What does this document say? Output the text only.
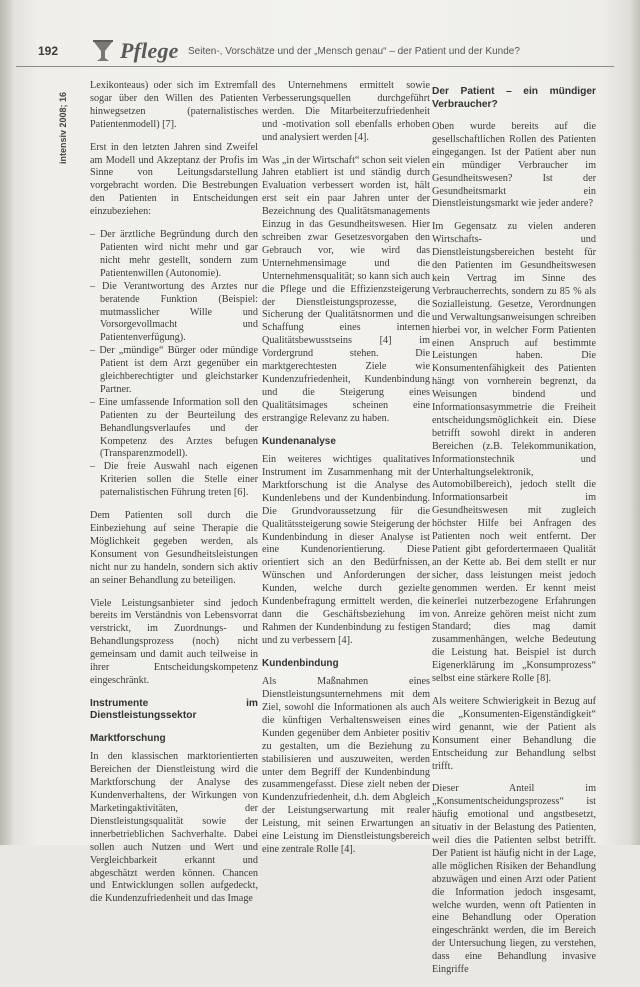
192	Pflege Seiten-, Vorschätze und der „Mensch genau“ – der Patient und der Kunde?
intensiv 2008; 16

Lexikonteaus) oder sich im Extremfall sogar über den Willen des Patienten hinwegsetzen (paternalistisches Patientenmodell) [7].

Erst in den letzten Jahren sind Zweifel am Modell und Akzeptanz der Profis im Sinne von Leitungsdarstellung vorgebracht worden. Die Bestrebungen den Patienten in Entscheidungen einzubeziehen:

– Der ärztliche Begründung durch den Patienten wird nicht mehr und gar nicht mehr gestellt, sondern zum Patientenwillen (Autonomie).
– Die Verantwortung des Arztes nur beratende Funktion (Beispiel: mutmasslicher Wille und Vorsorgevollmacht und Patientenverfügung).
– Der „mündige“ Bürger oder mündige Patient ist dem Arzt gegenüber ein gleichberechtigter und gleichstarker Partner.
– Eine umfassende Information soll den Patienten zu der Beurteilung des Behandlungsverlaufes und der Kompetenz des Arztes befugen (Transparenzmodell).
– Die freie Auswahl nach eigenen Kriterien sollen die Stelle einer paternalistischen Führung treten [6].

Dem Patienten soll durch die Einbeziehung auf seine Therapie die Möglichkeit gegeben werden, als Konsument von Gesundheitsleistungen nicht nur zu handeln, sondern sich aktiv an seiner Behandlung zu beteiligen.

Viele Leistungsanbieter sind jedoch bereits im Verständnis von Lebensvorrat verstrickt, im Zuordnungs- und Behandlungsprozess (noch) nicht gemeinsam und damit auch teilweise in ihrer Entscheidungskompetenz eingeschränkt.

Instrumente im Dienstleistungssektor
Marktforschung

In den klassischen marktorientierten Bereichen der Dienstleistung wird die Marktforschung der Analyse des Kundenverhaltens, der Wirkungen von Marketingaktivitäten, der Dienstleistungsqualität sowie der innerbetrieblichen Sachverhalte. Dabei sollen auch Nutzen und Wert und Vergleichbarkeit erkannt und abgeschätzt werden können. Chancen und Entwicklungen sollen aufgedeckt, die Kundenzufriedenheit und das Image

des Unternehmens ermittelt sowie Verbesserungsquellen durchgeführt werden. Die Mitarbeiterzufriedenheit und -motivation soll ebenfalls erhoben und analysiert werden [4].

Was „in der Wirtschaft“ schon seit vielen Jahren etabliert ist und ständig durch Evaluation verbessert worden ist, hält erst seit ein paar Jahren unter der Bezeichnung des Qualitätsmanagements Einzug in das Gesundheitswesen. Hier schreiben zwar Gesetzesvorgaben den Gebrauch vor, wie wird das Unternehmensimage und die Unternehmensqualität; so kann sich auch die Pflege und die Effizienzsteigerung der Dienstleistungsprozesse, die Sicherung der Qualitätsnormen und die Schaffung eines internen Qualitätsbewusstseins [4] im Vordergrund stehen. Die marktgerechtesten Ziele wie Kundenzufriedenheit, Kundenbindung und die Steigerung eines Qualitätsimages scheinen eine erstrangige Relevanz zu haben.

Kundenanalyse

Ein weiteres wichtiges qualitatives Instrument im Zusammenhang mit der Marktforschung ist die Analyse des Kundenlebens und der Kundenbindung. Die Grundvoraussetzung für die Qualitätssteigerung sowie Steigerung der Kundenbindung in dieser Analyse ist eine Kundenorientierung. Diese orientiert sich an den Bedürfnissen, Wünschen und Anforderungen der Kunden, welche durch gezielte Kundenbefragung ermittelt werden, die dann die Geschäftsbeziehung im Rahmen der Kundenbindung zu festigen und zu verbessern [4].

Kundenbindung

Als Maßnahmen eines Dienstleistungsunternehmens mit dem Ziel, sowohl die Informationen als auch die künftigen Verhaltensweisen eines Kunden gegenüber dem Anbieter positiv zu gestalten, um die Beziehung zu stabilisieren und auszuweiten, werden unter dem Begriff der Kundenbindung zusammengefasst. Diese zielt neben der Kundenzufriedenheit, d.h. dem Abgleich der Leistungserwartung mit realer Leistung, mit seinen Erwartungen an eine Leistung im Dienstleistungsbereich eine zentrale Rolle [4].

Der Patient – ein mündiger Verbraucher?

Oben wurde bereits auf die gesellschaftlichen Rollen des Patienten eingegangen. Ist der Patient aber nun ein mündiger Verbraucher im Gesundheitswesen? Ist der Gesundheitsmarkt ein Dienstleistungsmarkt wie jeder andere?

Im Gegensatz zu vielen anderen Wirtschafts- und Dienstleistungsbereichen besteht für den Patienten im Gesundheitswesen kein Vertrag im Sinne des Verbraucherrechts, sondern zu 85 % als Sozialleistung. Gesetze, Verordnungen und Verwaltungsanweisungen schreiben hierbei vor, in welcher Form Patienten einen Anspruch auf bestimmte Leistungen haben. Die Konsumentenfähigkeit des Patienten hängt von vornherein begrenzt, da Weisungen bindend und Informationsasymmetrie die Freiheit entscheidungsmöglichkeit ein. Diese betrifft sowohl direkt in anderen Bereichen (z.B. Telekommunikation, Informationstechnik und Unterhaltungselektronik, Automobilbereich), jedoch stellt die Informationsarbeit im Gesundheitswesen mit zugleich höchster Hilfe bei Anfragen des Patienten noch weit entfernt. Der Patient gibt gefordertermaeen Qualität an der Kette ab. Bei dem stellt er nur sicher, dass leistungen meist jedoch genommen werden. Er kennt meist keinerlei nutzerbezogene Erfahrungen von. Anreize gehören meist nicht zum Standard; dies mag damit zusammenhängen, welche Bedeutung die Leistung hat. Beispiel ist durch Eigenerklärung im „Konsumprozess“ selbst eine stärkere Rolle [8].

Als weitere Schwierigkeit in Bezug auf die „Konsumenten-Eigenständigkeit“ wird genannt, wie der Patient als Konsument einer Behandlung die Entscheidung zur Behandlung selbst trifft.

Dieser Anteil im „Konsumentscheidungsprozess“ ist häufig emotional und angstbesetzt, situativ in der Belastung des Patienten, weil dies die Patienten selbst betrifft. Der Patient ist häufig nicht in der Lage, alle möglichen Risiken der Behandlung abzuwägen und einen Arzt oder Patient die Information jedoch insgesamt, welche wurden, wenn oft Patienten in eine Behandlung oder Operation eingeschränkt werden, die im Bereich der Untersuchung liegen, zu verstehen, dass eine Behandlung invasive Eingriffe
